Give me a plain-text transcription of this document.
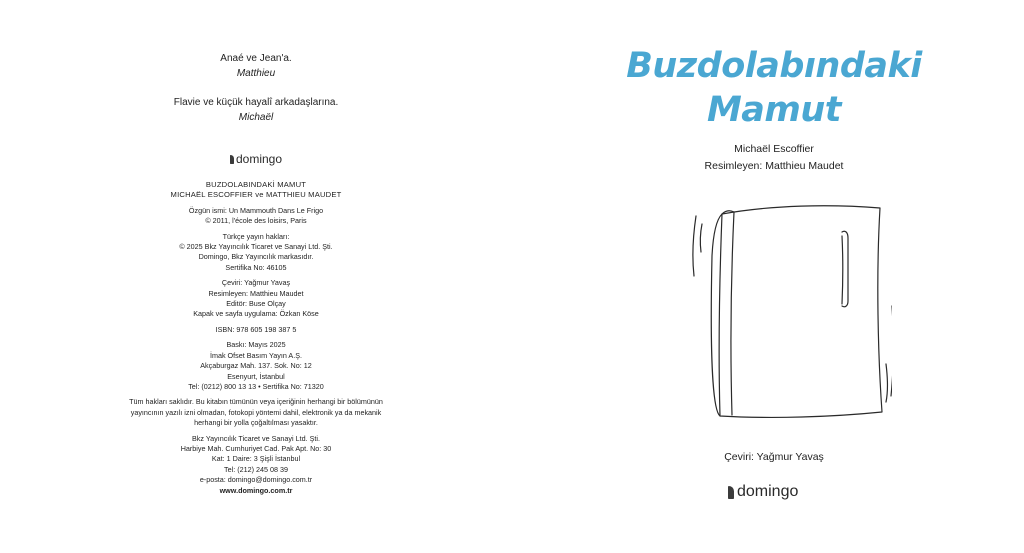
Anaé ve Jean'a.
Matthieu
Flavie ve küçük hayalî arkadaşlarına.
Michaël
domingo
BUZDOLABINDAKİ MAMUT
MICHAËL ESCOFFIER ve MATTHIEU MAUDET
Özgün ismi: Un Mammouth Dans Le Frigo
© 2011, l'école des loisirs, Paris
Türkçe yayın hakları:
© 2025 Bkz Yayıncılık Ticaret ve Sanayi Ltd. Şti.
Domingo, Bkz Yayıncılık markasıdır.
Sertifika No: 46105
Çeviri: Yağmur Yavaş
Resimleyen: Matthieu Maudet
Editör: Buse Olçay
Kapak ve sayfa uygulama: Özkan Köse
ISBN: 978 605 198 387 5
Baskı: Mayıs 2025
İmak Ofset Basım Yayın A.Ş.
Akçaburgaz Mah. 137. Sok. No: 12
Esenyurt, İstanbul
Tel: (0212) 800 13 13 • Sertifika No: 71320
Tüm hakları saklıdır. Bu kitabın tümünün veya içeriğinin herhangi bir bölümünün
yayıncının yazılı izni olmadan, fotokopi yöntemi dahil, elektronik ya da mekanik
herhangi bir yolla çoğaltılması yasaktır.
Bkz Yayıncılık Ticaret ve Sanayi Ltd. Şti.
Harbiye Mah. Cumhuriyet Cad. Pak Apt. No: 30
Kat: 1 Daire: 3 Şişli İstanbul
Tel: (212) 245 08 39
e-posta: domingo@domingo.com.tr
www.domingo.com.tr
Buzdolabındaki
Mamut
Michaël Escoffier
Resimleyen: Matthieu Maudet
Çeviri: Yağmur Yavaş
domingo
